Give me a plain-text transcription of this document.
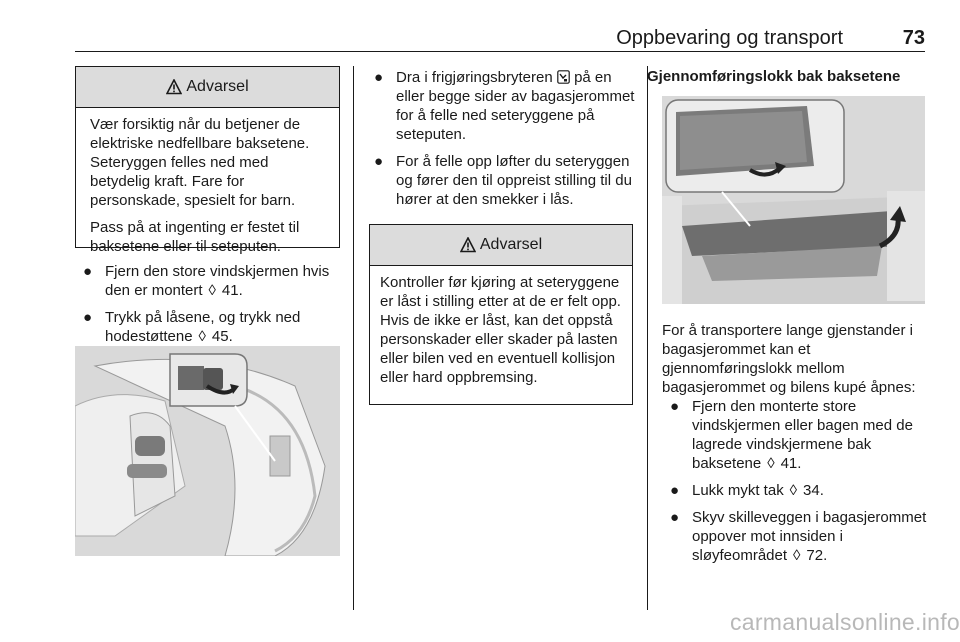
Oppbevaring og transport	73
Advarsel

Vær forsiktig når du betjener de elektriske nedfellbare baksetene. Seteryggen felles ned med betydelig kraft. Fare for personskade, spesielt for barn.

Pass på at ingenting er festet til baksetene eller til seteputen.

● Fjern den store vindskjermen hvis den er montert ◊ 41.
● Trykk på låsene, og trykk ned hodestøttene ◊ 45.
● Dra i frigjøringsbryteren på en eller begge sider av bagasjerommet for å felle ned seteryggene på seteputen.
● For å felle opp løfter du seteryggen og fører den til oppreist stilling til du hører at den smekker i lås.
Advarsel

Kontroller før kjøring at seteryggene er låst i stilling etter at de er felt opp. Hvis de ikke er låst, kan det oppstå personskader eller skader på lasten eller bilen ved en eventuell kollisjon eller hard oppbremsing.

Gjennomføringslokk bak baksetene
For å transportere lange gjenstander i bagasjerommet kan et gjennomføringslokk mellom bagasjerommet og bilens kupé åpnes:
● Fjern den monterte store vindskjermen eller bagen med de lagrede vindskjermene bak baksetene ◊ 41.
● Lukk mykt tak ◊ 34.
● Skyv skilleveggen i bagasjerommet oppover mot innsiden i sløyfeområdet ◊ 72.
carmanualsonline.info
